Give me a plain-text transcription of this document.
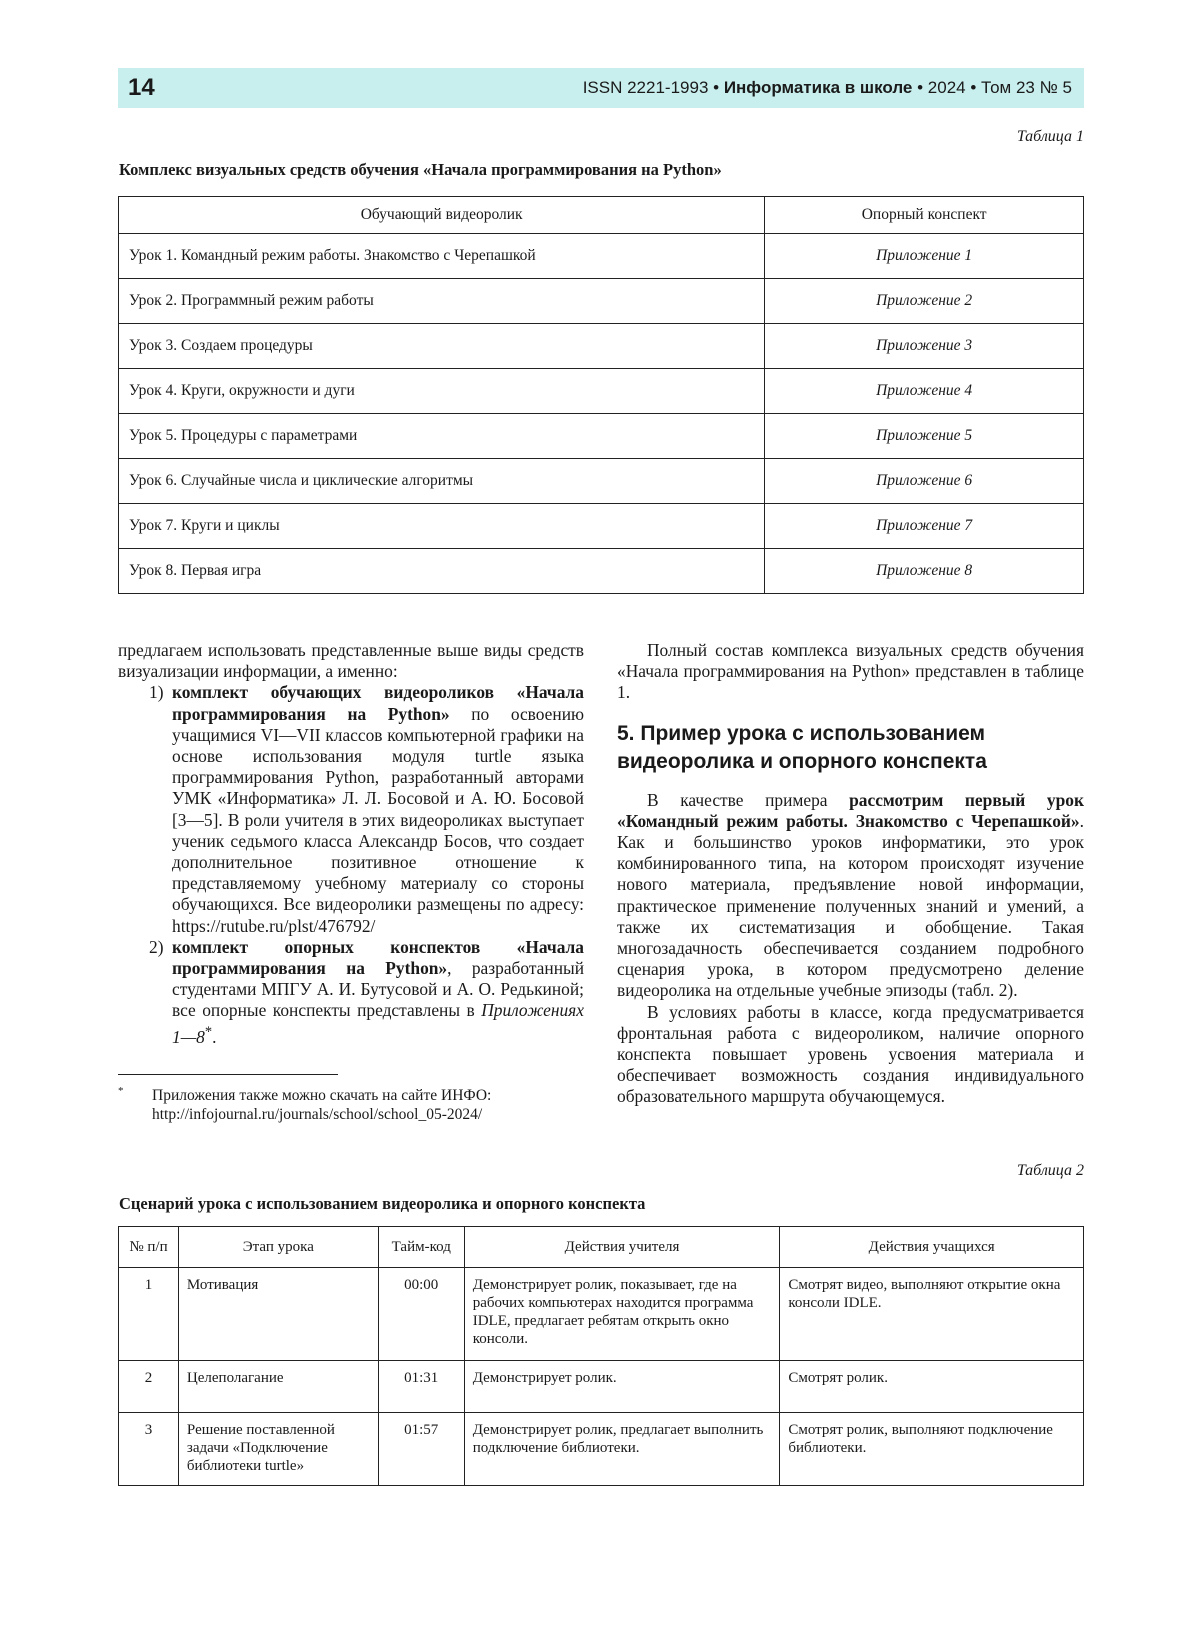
14	ISSN 2221-1993 • Информатика в школе • 2024 • Том 23 № 5
Таблица 1
Комплекс визуальных средств обучения «Начала программирования на Python»
Обучающий видеоролик	Опорный конспект
Урок 1. Командный режим работы. Знакомство с Черепашкой	Приложение 1
Урок 2. Программный режим работы	Приложение 2
Урок 3. Создаем процедуры	Приложение 3
Урок 4. Круги, окружности и дуги	Приложение 4
Урок 5. Процедуры с параметрами	Приложение 5
Урок 6. Случайные числа и циклические алгоритмы	Приложение 6
Урок 7. Круги и циклы	Приложение 7
Урок 8. Первая игра	Приложение 8

предлагаем использовать представленные выше виды средств визуализации информации, а именно:

1) комплект обучающих видеороликов «Начала программирования на Python» по освоению учащимися VI—VII классов компьютерной графики на основе использования модуля turtle языка программирования Python, разработанный авторами УМК «Информатика» Л. Л. Босовой и А. Ю. Босовой [3—5]. В роли учителя в этих видеороликах выступает ученик седьмого класса Александр Босов, что создает дополнительное позитивное отношение к представляемому учебному материалу со стороны обучающихся. Все видеоролики размещены по адресу: https://rutube.ru/plst/476792/

2) комплект опорных конспектов «Начала программирования на Python», разработанный студентами МПГУ А. И. Бутусовой и А. О. Редькиной; все опорные конспекты представлены в Приложениях 1—8*.

*	Приложения также можно скачать на сайте ИНФО: http://infojournal.ru/journals/school/school_05-2024/

Полный состав комплекса визуальных средств обучения «Начала программирования на Python» представлен в таблице 1.

5. Пример урока с использованием видеоролика и опорного конспекта

В качестве примера рассмотрим первый урок «Командный режим работы. Знакомство с Черепашкой». Как и большинство уроков информатики, это урок комбинированного типа, на котором происходят изучение нового материала, предъявление новой информации, практическое применение полученных знаний и умений, а также их систематизация и обобщение. Такая многозадачность обеспечивается созданием подробного сценария урока, в котором предусмотрено деление видеоролика на отдельные учебные эпизоды (табл. 2).

В условиях работы в классе, когда предусматривается фронтальная работа с видеороликом, наличие опорного конспекта повышает уровень усвоения материала и обеспечивает возможность создания индивидуального образовательного маршрута обучающемуся.

Таблица 2
Сценарий урока с использованием видеоролика и опорного конспекта
№ п/п	Этап урока	Тайм-код	Действия учителя	Действия учащихся
1	Мотивация	00:00	Демонстрирует ролик, показывает, где на рабочих компьютерах находится программа IDLE, предлагает ребятам открыть окно консоли.	Смотрят видео, выполняют открытие окна консоли IDLE.
2	Целеполагание	01:31	Демонстрирует ролик.	Смотрят ролик.
3	Решение поставленной задачи «Подключение библиотеки turtle»	01:57	Демонстрирует ролик, предлагает выполнить подключение библиотеки.	Смотрят ролик, выполняют подключение библиотеки.
